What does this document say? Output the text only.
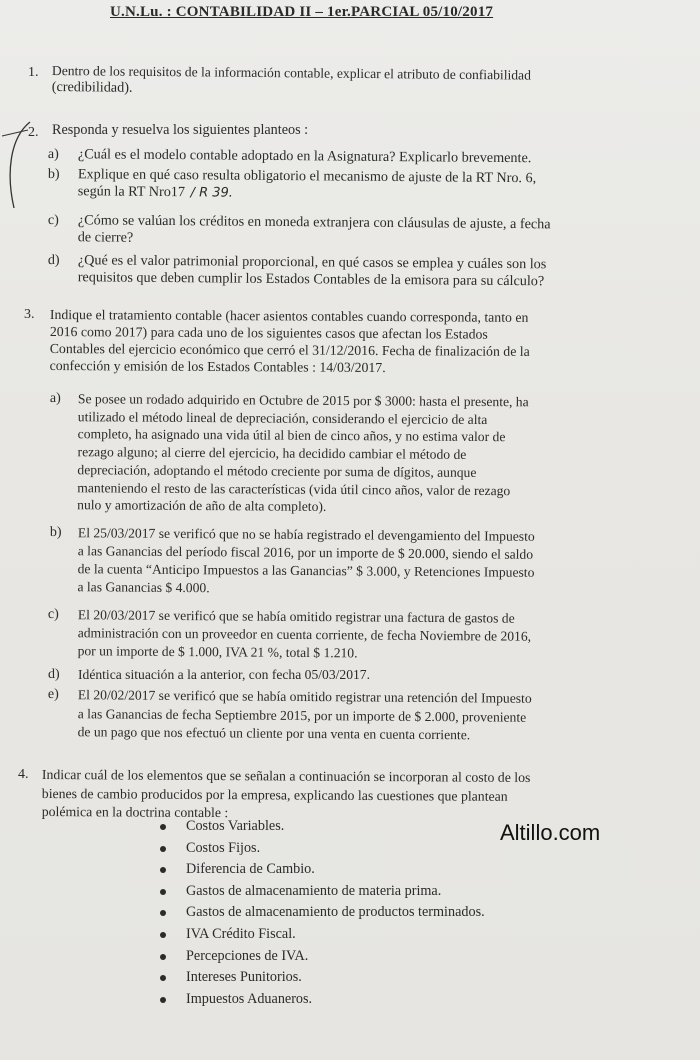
U.N.Lu. : CONTABILIDAD II – 1er.PARCIAL 05/10/2017
1. Dentro de los requisitos de la información contable, explicar el atributo de confiabilidad
(credibilidad).
2. Responda y resuelva los siguientes planteos :
a) ¿Cuál es el modelo contable adoptado en la Asignatura? Explicarlo brevemente.
b) Explique en qué caso resulta obligatorio el mecanismo de ajuste de la RT Nro. 6,
según la RT Nro17 / R 39.
c) ¿Cómo se valúan los créditos en moneda extranjera con cláusulas de ajuste, a fecha
de cierre?
d) ¿Qué es el valor patrimonial proporcional, en qué casos se emplea y cuáles son los
requisitos que deben cumplir los Estados Contables de la emisora para su cálculo?
3. Indique el tratamiento contable (hacer asientos contables cuando corresponda, tanto en
2016 como 2017) para cada uno de los siguientes casos que afectan los Estados
Contables del ejercicio económico que cerró el 31/12/2016. Fecha de finalización de la
confección y emisión de los Estados Contables : 14/03/2017.
a) Se posee un rodado adquirido en Octubre de 2015 por $ 3000: hasta el presente, ha
utilizado el método lineal de depreciación, considerando el ejercicio de alta
completo, ha asignado una vida útil al bien de cinco años, y no estima valor de
rezago alguno; al cierre del ejercicio, ha decidido cambiar el método de
depreciación, adoptando el método creciente por suma de dígitos, aunque
manteniendo el resto de las características (vida útil cinco años, valor de rezago
nulo y amortización de año de alta completo).
b) El 25/03/2017 se verificó que no se había registrado el devengamiento del Impuesto
a las Ganancias del período fiscal 2016, por un importe de $ 20.000, siendo el saldo
de la cuenta “Anticipo Impuestos a las Ganancias” $ 3.000, y Retenciones Impuesto
a las Ganancias $ 4.000.
c) El 20/03/2017 se verificó que se había omitido registrar una factura de gastos de
administración con un proveedor en cuenta corriente, de fecha Noviembre de 2016,
por un importe de $ 1.000, IVA 21 %, total $ 1.210.
d) Idéntica situación a la anterior, con fecha 05/03/2017.
e) El 20/02/2017 se verificó que se había omitido registrar una retención del Impuesto
a las Ganancias de fecha Septiembre 2015, por un importe de $ 2.000, proveniente
de un pago que nos efectuó un cliente por una venta en cuenta corriente.
4. Indicar cuál de los elementos que se señalan a continuación se incorporan al costo de los
bienes de cambio producidos por la empresa, explicando las cuestiones que plantean
polémica en la doctrina contable :
Costos Variables.
Costos Fijos.
Diferencia de Cambio.
Gastos de almacenamiento de materia prima.
Gastos de almacenamiento de productos terminados.
IVA Crédito Fiscal.
Percepciones de IVA.
Intereses Punitorios.
Impuestos Aduaneros.
Altillo.com
